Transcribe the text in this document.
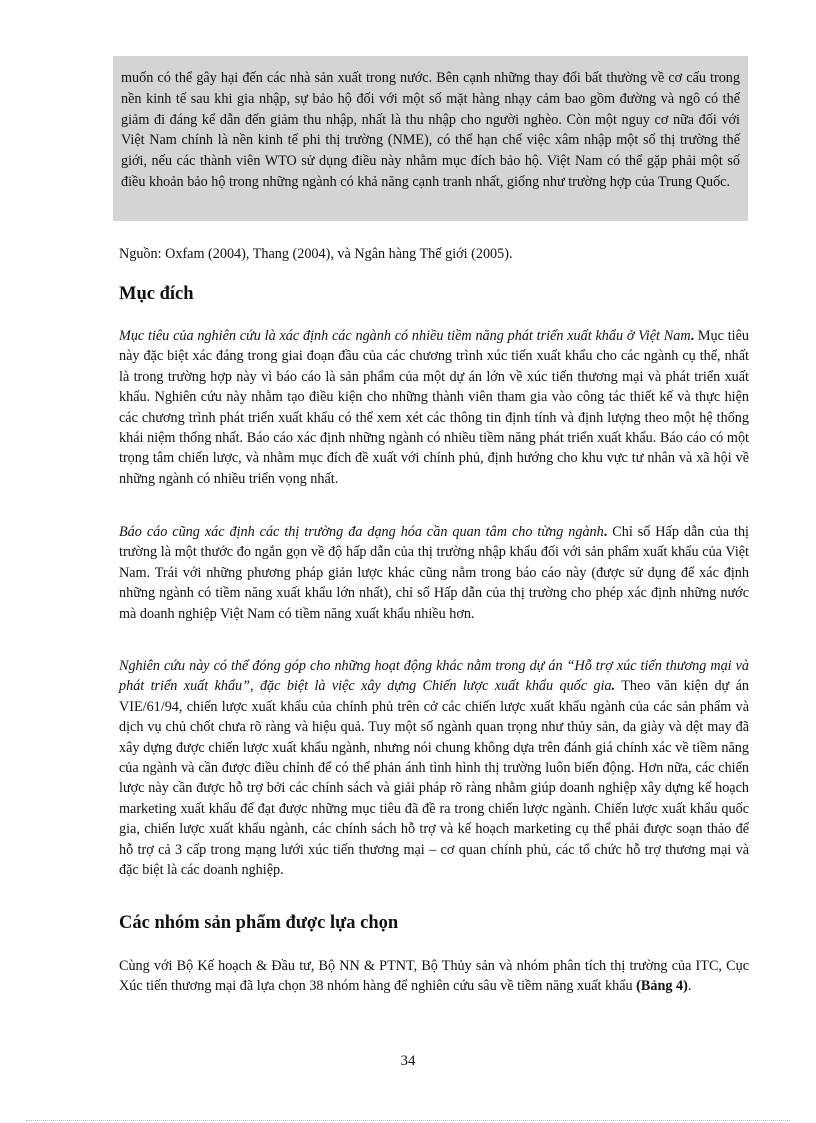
muốn có thể gây hại đến các nhà sản xuất trong nước. Bên cạnh những thay đổi bất thường về cơ cấu trong nền kinh tế sau khi gia nhập, sự bảo hộ đối với một số mặt hàng nhạy cảm bao gồm đường và ngô có thể giảm đi đáng kể dẫn đến giảm thu nhập, nhất là thu nhập cho người nghèo. Còn một nguy cơ nữa đối với Việt Nam chính là nền kinh tế phi thị trường (NME), có thể hạn chế việc xâm nhập một số thị trường thế giới, nếu các thành viên WTO sử dụng điều này nhằm mục đích bảo hộ. Việt Nam có thể gặp phải một số điều khoản bảo hộ trong những ngành có khả năng cạnh tranh nhất, giống như trường hợp của Trung Quốc.
Nguồn: Oxfam (2004), Thang (2004), và Ngân hàng Thế giới (2005).
Mục đích

Mục tiêu của nghiên cứu là xác định các ngành có nhiều tiềm năng phát triển xuất khẩu ở Việt Nam. Mục tiêu này đặc biệt xác đáng trong giai đoạn đầu của các chương trình xúc tiến xuất khẩu cho các ngành cụ thể, nhất là trong trường hợp này vì báo cáo là sản phẩm của một dự án lớn về xúc tiến thương mại và phát triển xuất khẩu. Nghiên cứu này nhằm tạo điều kiện cho những thành viên tham gia vào công tác thiết kế và thực hiện các chương trình phát triển xuất khẩu có thể xem xét các thông tin định tính và định lượng theo một hệ thống khái niệm thống nhất. Báo cáo xác định những ngành có nhiều tiềm năng phát triển xuất khẩu. Báo cáo có một trọng tâm chiến lược, và nhằm mục đích đề xuất với chính phủ, định hướng cho khu vực tư nhân và xã hội về những ngành có nhiều triển vọng nhất.

Báo cáo cũng xác định các thị trường đa dạng hóa cần quan tâm cho từng ngành. Chỉ số Hấp dẫn của thị trường là một thước đo ngắn gọn về độ hấp dẫn của thị trường nhập khẩu đối với sản phẩm xuất khẩu của Việt Nam. Trái với những phương pháp giản lược khác cũng nằm trong báo cáo này (được sử dụng để xác định những ngành có tiềm năng xuất khẩu lớn nhất), chỉ số Hấp dẫn của thị trường cho phép xác định những nước mà doanh nghiệp Việt Nam có tiềm năng xuất khẩu nhiều hơn.

Nghiên cứu này có thể đóng góp cho những hoạt động khác nằm trong dự án “Hỗ trợ xúc tiến thương mại và phát triển xuất khẩu”, đặc biệt là việc xây dựng Chiến lược xuất khẩu quốc gia. Theo văn kiện dự án VIE/61/94, chiến lược xuất khẩu của chính phủ trên cở các chiến lược xuất khẩu ngành của các sản phẩm và dịch vụ chủ chốt chưa rõ ràng và hiệu quả. Tuy một số ngành quan trọng như thủy sản, da giày và dệt may đã xây dựng được chiến lược xuất khẩu ngành, nhưng nói chung không dựa trên đánh giá chính xác về tiềm năng của ngành và cần được điều chỉnh để có thể phản ánh tình hình thị trường luôn biến động. Hơn nữa, các chiến lược này cần được hỗ trợ bởi các chính sách và giải pháp rõ ràng nhằm giúp doanh nghiệp xây dựng kế hoạch marketing xuất khẩu để đạt được những mục tiêu đã đề ra trong chiến lược ngành. Chiến lược xuất khẩu quốc gia, chiến lược xuất khẩu ngành, các chính sách hỗ trợ và kế hoạch marketing cụ thể phải được soạn thảo để hỗ trợ cả 3 cấp trong mạng lưới xúc tiến thương mại – cơ quan chính phủ, các tổ chức hỗ trợ thương mại và đặc biệt là các doanh nghiệp.

Các nhóm sản phẩm được lựa chọn

Cùng với Bộ Kế hoạch & Đầu tư, Bộ NN & PTNT, Bộ Thủy sản và nhóm phân tích thị trường của ITC, Cục Xúc tiến thương mại đã lựa chọn 38 nhóm hàng để nghiên cứu sâu về tiềm năng xuất khẩu (Bảng 4).

34
